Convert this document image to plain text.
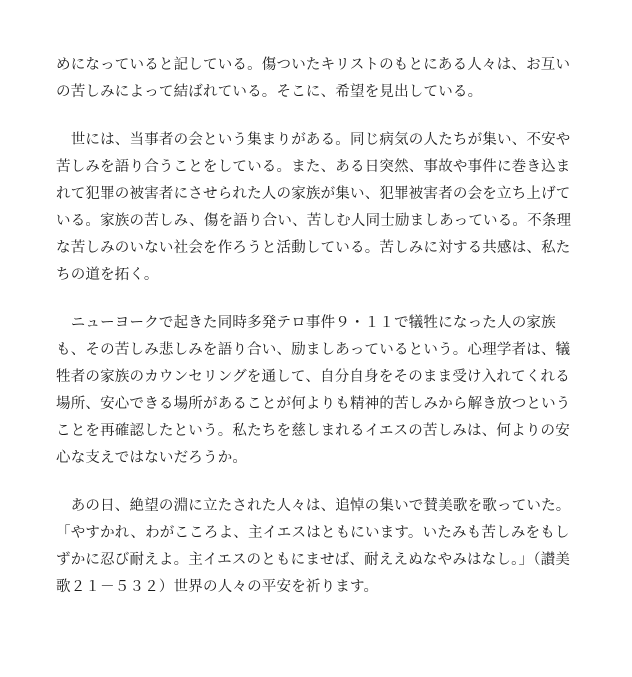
めになっていると記している。傷ついたキリストのもとにある人々は、お互い
の苦しみによって結ばれている。そこに、希望を見出している。
　世には、当事者の会という集まりがある。同じ病気の人たちが集い、不安や
苦しみを語り合うことをしている。また、ある日突然、事故や事件に巻き込ま
れて犯罪の被害者にさせられた人の家族が集い、犯罪被害者の会を立ち上げて
いる。家族の苦しみ、傷を語り合い、苦しむ人同士励ましあっている。不条理
な苦しみのいない社会を作ろうと活動している。苦しみに対する共感は、私た
ちの道を拓く。
　ニューヨークで起きた同時多発テロ事件９・１１で犠牲になった人の家族
も、その苦しみ悲しみを語り合い、励ましあっているという。心理学者は、犠
牲者の家族のカウンセリングを通して、自分自身をそのまま受け入れてくれる
場所、安心できる場所があることが何よりも精神的苦しみから解き放つという
ことを再確認したという。私たちを慈しまれるイエスの苦しみは、何よりの安
心な支えではないだろうか。
　あの日、絶望の淵に立たされた人々は、追悼の集いで賛美歌を歌っていた。
「やすかれ、わがこころよ、主イエスはともにいます。いたみも苦しみをもし
ずかに忍び耐えよ。主イエスのともにませば、耐ええぬなやみはなし。」（讃美
歌２１－５３２）世界の人々の平安を祈ります。
